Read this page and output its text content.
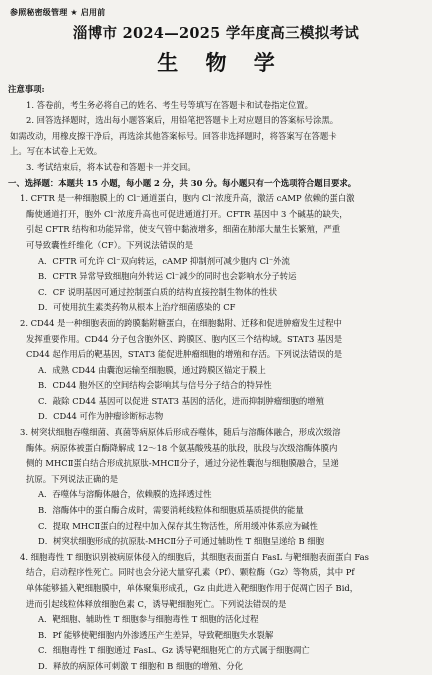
参照秘密级管理 ★ 启用前
淄博市 2024—2025 学年度高三模拟考试
生 物 学

注意事项:

1. 答卷前，考生务必将自己的姓名、考生号等填写在答题卡和试卷指定位置。

2. 回答选择题时，选出每小题答案后，用铅笔把答题卡上对应题目的答案标号涂黑。

如需改动，用橡皮擦干净后，再选涂其他答案标号。回答非选择题时，将答案写在答题卡

上。写在本试卷上无效。

3. 考试结束后，将本试卷和答题卡一并交回。

一、选择题：本题共 15 小题，每小题 2 分，共 30 分。每小题只有一个选项符合题目要求。

1. CFTR 是一种细胞膜上的 Cl⁻通道蛋白，胞内 Cl⁻浓度升高，激活 cAMP 依赖的蛋白激

酶使通道打开，胞外 Cl⁻浓度升高也可促进通道打开。CFTR 基因中 3 个碱基的缺失，

引起 CFTR 结构和功能异常，使支气管中黏液增多，细菌在肺部大量生长繁殖，严重

可导致囊性纤维化（CF）。下列说法错误的是

A．CFTR 可允许 Cl⁻双向转运，cAMP 抑制剂可减少胞内 Cl⁻外流

B．CFTR 异常导致细胞向外转运 Cl⁻减少的同时也会影响水分子转运

C．CF 说明基因可通过控制蛋白质的结构直接控制生物体的性状

D．可使用抗生素类药物从根本上治疗细菌感染的 CF

2. CD44 是一种细胞表面的跨膜黏附糖蛋白，在细胞黏附、迁移和促进肿瘤发生过程中

发挥重要作用。CD44 分子包含胞外区、跨膜区、胞内区三个结构域。STAT3 基因是

CD44 起作用后的靶基因，STAT3 能促进肿瘤细胞的增殖和存活。下列说法错误的是

A．成熟 CD44 由囊泡运输至细胞膜，通过跨膜区锚定于膜上

B．CD44 胞外区的空间结构会影响其与信号分子结合的特异性

C．敲除 CD44 基因可以促进 STAT3 基因的活化，进而抑制肿瘤细胞的增殖

D．CD44 可作为肿瘤诊断标志物

3. 树突状细胞吞噬细菌、真菌等病原体后形成吞噬体，随后与溶酶体融合，形成次级溶

酶体。病原体被蛋白酶降解成 12～18 个氨基酸残基的肽段，肽段与次级溶酶体膜内

侧的 MHCⅡ蛋白结合形成抗原肽-MHCⅡ分子，通过分泌性囊泡与细胞膜融合，呈递

抗原。下列说法正确的是

A．吞噬体与溶酶体融合，依赖膜的选择透过性

B．溶酶体中的蛋白酶合成时，需要消耗线粒体和细胞质基质提供的能量

C．提取 MHCⅡ蛋白的过程中加入保存其生物活性，所用缓冲体系应为碱性

D．树突状细胞形成的抗原肽-MHCⅡ分子可通过辅助性 T 细胞呈递给 B 细胞

4. 细胞毒性 T 细胞识别被病原体侵入的细胞后，其细胞表面蛋白 FasL 与靶细胞表面蛋白 Fas

结合，启动程序性死亡。同时也会分泌大量穿孔素（Pf）、颗粒酶（Gz）等物质，其中 Pf

单体能够插入靶细胞膜中，单体聚集形成孔，Gz 由此进入靶细胞作用于促凋亡因子 Bid，

进而引起线粒体释放细胞色素 C，诱导靶细胞死亡。下列说法错误的是

A．靶细胞、辅助性 T 细胞参与细胞毒性 T 细胞的活化过程

B．Pf 能够使靶细胞内外渗透压产生差异，导致靶细胞失水裂解

C．细胞毒性 T 细胞通过 FasL、Gz 诱导靶细胞死亡的方式属于细胞凋亡

D．释放的病原体可刺激 T 细胞和 B 细胞的增殖、分化
